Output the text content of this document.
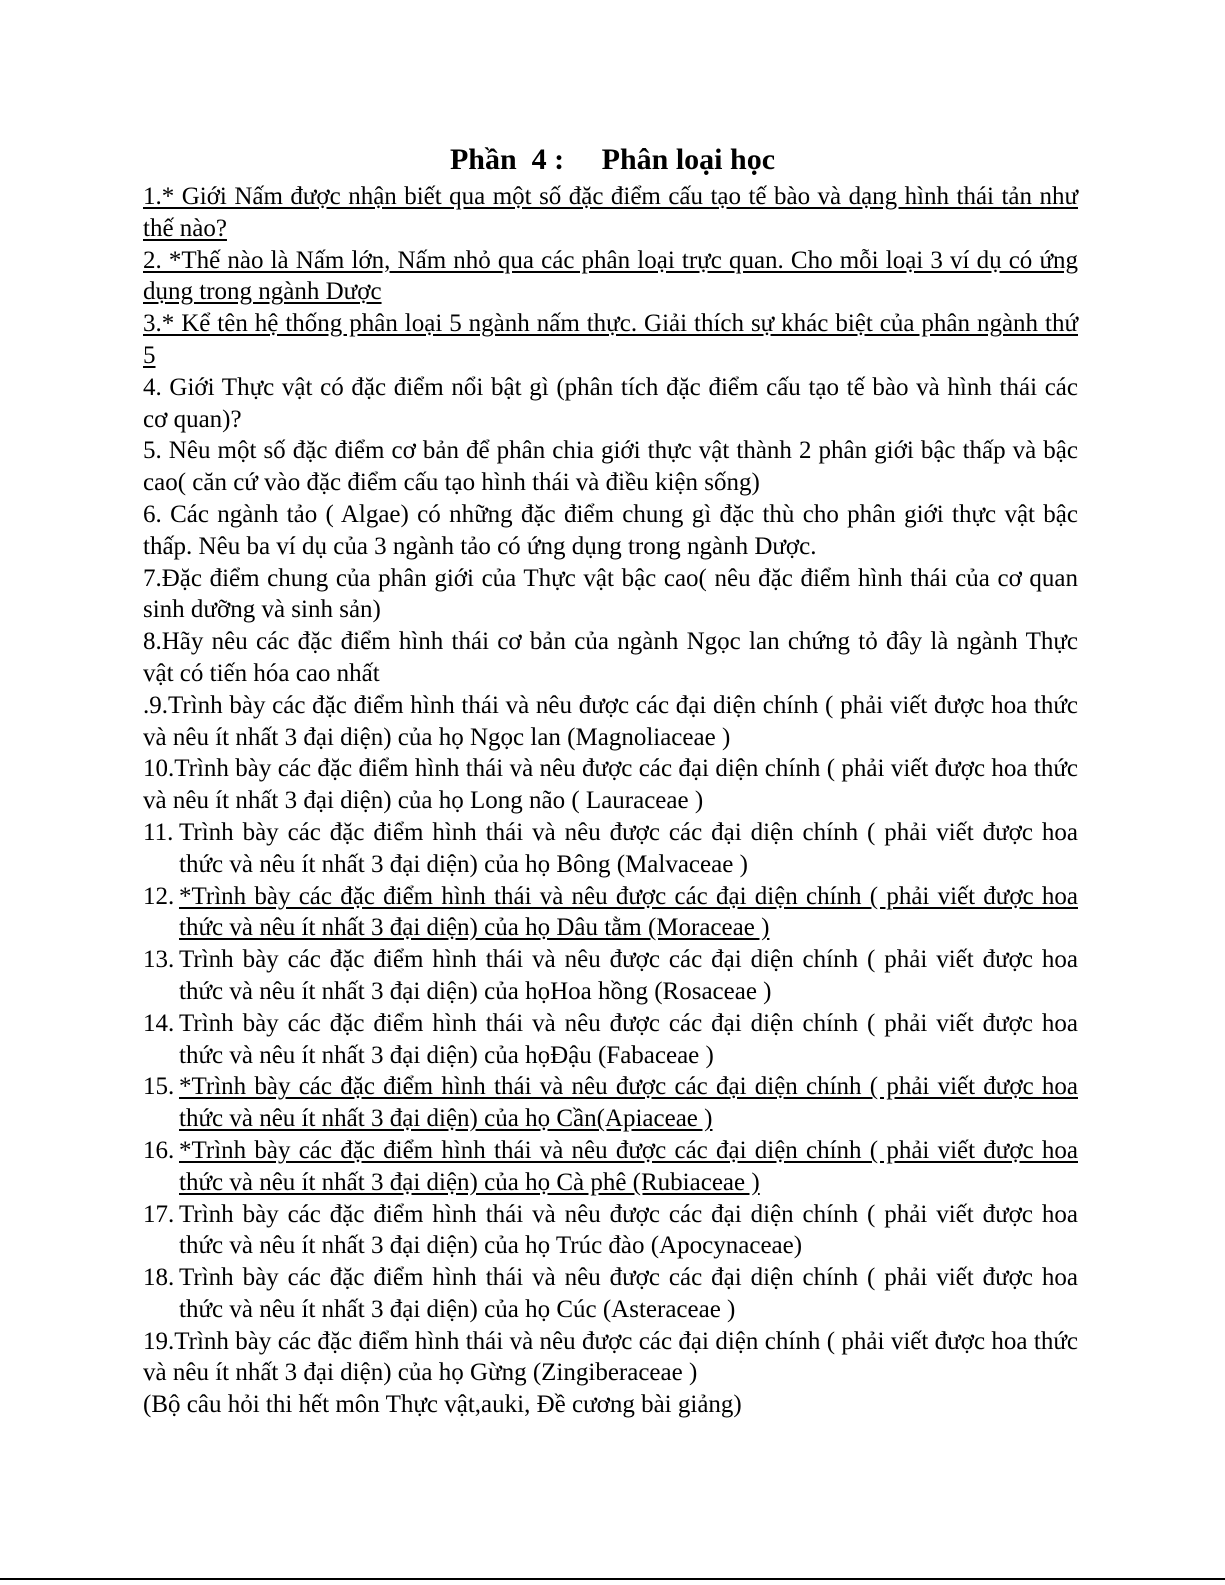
Phần  4 :     Phân loại học

1.* Giới Nấm được nhận biết qua một số đặc điểm cấu tạo tế bào và dạng hình thái tản như thế nào?

2. *Thế nào là Nấm lớn, Nấm nhỏ qua các phân loại trực quan. Cho mỗi loại 3 ví dụ có ứng dụng trong ngành Dược

3.* Kể tên hệ thống phân loại 5 ngành nấm thực. Giải thích sự khác biệt của phân ngành thứ 5

4. Giới Thực vật có đặc điểm nổi bật gì (phân tích đặc điểm cấu tạo tế bào và hình thái các cơ quan)?

5. Nêu một số đặc điểm cơ bản để phân chia giới thực vật thành 2 phân giới bậc thấp và bậc cao( căn cứ vào đặc điểm cấu tạo hình thái và điều kiện sống)

6. Các ngành tảo ( Algae) có những đặc điểm chung gì đặc thù cho phân giới thực vật bậc thấp. Nêu ba ví dụ của 3 ngành tảo có ứng dụng trong ngành Dược.

7.Đặc điểm chung của phân giới của Thực vật bậc cao( nêu đặc điểm hình thái của cơ quan sinh dưỡng và sinh sản)

8.Hãy nêu các đặc điểm hình thái cơ bản của ngành Ngọc lan chứng tỏ đây là ngành Thực vật có tiến hóa cao nhất

.9.Trình bày các đặc điểm hình thái và nêu được các đại diện chính ( phải viết được hoa thức và nêu ít nhất 3 đại diện) của họ Ngọc lan (Magnoliaceae )

10.Trình bày các đặc điểm hình thái và nêu được các đại diện chính ( phải viết được hoa thức và nêu ít nhất 3 đại diện) của họ Long não ( Lauraceae )

11. Trình bày các đặc điểm hình thái và nêu được các đại diện chính ( phải viết được hoa thức và nêu ít nhất 3 đại diện) của họ Bông (Malvaceae )

12. *Trình bày các đặc điểm hình thái và nêu được các đại diện chính ( phải viết được hoa thức và nêu ít nhất 3 đại diện) của họ Dâu tằm (Moraceae )

13. Trình bày các đặc điểm hình thái và nêu được các đại diện chính ( phải viết được hoa thức và nêu ít nhất 3 đại diện) của họHoa hồng (Rosaceae )

14. Trình bày các đặc điểm hình thái và nêu được các đại diện chính ( phải viết được hoa thức và nêu ít nhất 3 đại diện) của họĐậu (Fabaceae )

15. *Trình bày các đặc điểm hình thái và nêu được các đại diện chính ( phải viết được hoa thức và nêu ít nhất 3 đại diện) của họ Cần(Apiaceae )

16. *Trình bày các đặc điểm hình thái và nêu được các đại diện chính ( phải viết được hoa thức và nêu ít nhất 3 đại diện) của họ Cà phê (Rubiaceae )

17. Trình bày các đặc điểm hình thái và nêu được các đại diện chính ( phải viết được hoa thức và nêu ít nhất 3 đại diện) của họ Trúc đào (Apocynaceae)

18. Trình bày các đặc điểm hình thái và nêu được các đại diện chính ( phải viết được hoa thức và nêu ít nhất 3 đại diện) của họ Cúc (Asteraceae )

19.Trình bày các đặc điểm hình thái và nêu được các đại diện chính ( phải viết được hoa thức và nêu ít nhất 3 đại diện) của họ Gừng (Zingiberaceae )

(Bộ câu hỏi thi hết môn Thực vật,auki, Đề cương bài giảng)
